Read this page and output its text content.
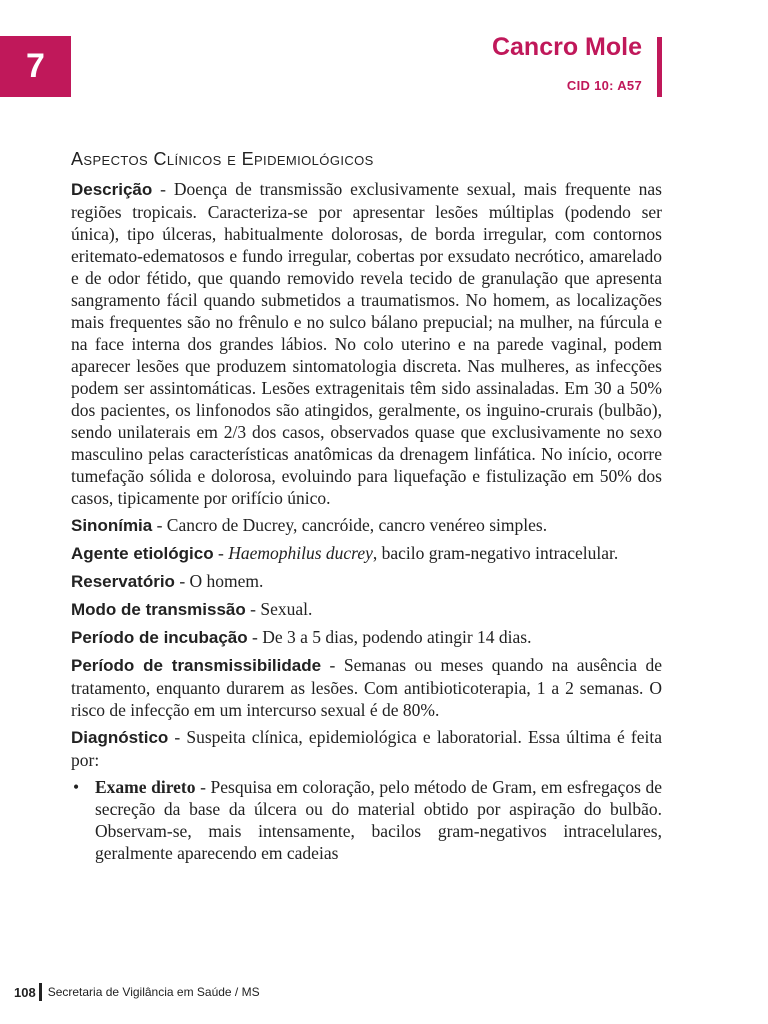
7	Cancro Mole
CID 10: A57
Aspectos Clínicos e Epidemiológicos

Descrição - Doença de transmissão exclusivamente sexual, mais frequente nas regiões tropicais. Caracteriza-se por apresentar lesões múltiplas (podendo ser única), tipo úlceras, habitualmente dolorosas, de borda irregular, com contornos eritemato-edematosos e fundo irregular, cobertas por exsudato necrótico, amarelado e de odor fétido, que quando removido revela tecido de granulação que apresenta sangramento fácil quando submetidos a traumatismos. No homem, as localizações mais frequentes são no frênulo e no sulco bálano prepucial; na mulher, na fúrcula e na face interna dos grandes lábios. No colo uterino e na parede vaginal, podem aparecer lesões que produzem sintomatologia discreta. Nas mulheres, as infecções podem ser assintomáticas. Lesões extragenitais têm sido assinaladas. Em 30 a 50% dos pacientes, os linfonodos são atingidos, geralmente, os inguino-crurais (bulbão), sendo unilaterais em 2/3 dos casos, observados quase que exclusivamente no sexo masculino pelas características anatômicas da drenagem linfática. No início, ocorre tumefação sólida e dolorosa, evoluindo para liquefação e fistulização em 50% dos casos, tipicamente por orifício único.

Sinonímia - Cancro de Ducrey, cancróide, cancro venéreo simples.

Agente etiológico - Haemophilus ducrey, bacilo gram-negativo intracelular.

Reservatório - O homem.

Modo de transmissão - Sexual.

Período de incubação - De 3 a 5 dias, podendo atingir 14 dias.

Período de transmissibilidade - Semanas ou meses quando na ausência de tratamento, enquanto durarem as lesões. Com antibioticoterapia, 1 a 2 semanas. O risco de infecção em um intercurso sexual é de 80%.

Diagnóstico - Suspeita clínica, epidemiológica e laboratorial. Essa última é feita por:

• Exame direto - Pesquisa em coloração, pelo método de Gram, em esfregaços de secreção da base da úlcera ou do material obtido por aspiração do bulbão. Observam-se, mais intensamente, bacilos gram-negativos intracelulares, geralmente aparecendo em cadeias
108 Secretaria de Vigilância em Saúde / MS
